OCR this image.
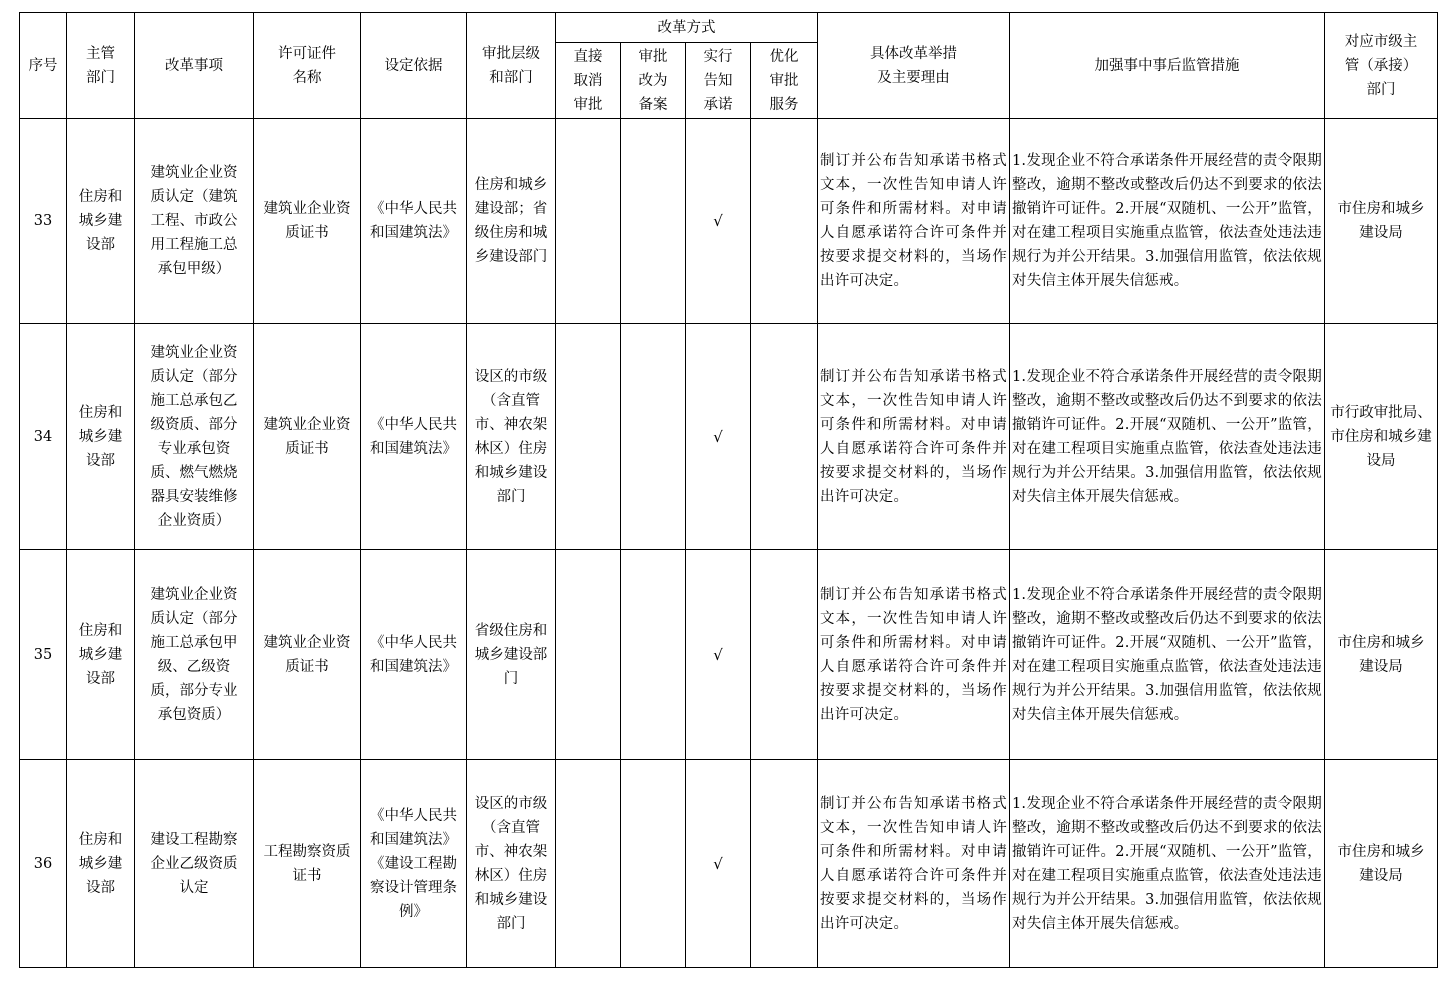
序号	主管部门	改革事项	许可证件名称	设定依据	审批层级和部门	改革方式				具体改革举措及主要理由	加强事中事后监管措施	对应市级主管（承接）部门
						直接取消审批	审批改为备案	实行告知承诺	优化审批服务			
33	住房和城乡建设部	建筑业企业资质认定（建筑工程、市政公用工程施工总承包甲级）	建筑业企业资质证书	《中华人民共和国建筑法》	住房和城乡建设部；省级住房和城乡建设部门			√		制订并公布告知承诺书格式文本，一次性告知申请人许可条件和所需材料。对申请人自愿承诺符合许可条件并按要求提交材料的，当场作出许可决定。	1.发现企业不符合承诺条件开展经营的责令限期整改，逾期不整改或整改后仍达不到要求的依法撤销许可证件。2.开展“双随机、一公开”监管，对在建工程项目实施重点监管，依法查处违法违规行为并公开结果。3.加强信用监管，依法依规对失信主体开展失信惩戒。	市住房和城乡建设局
34	住房和城乡建设部	建筑业企业资质认定（部分施工总承包乙级资质、部分专业承包资质、燃气燃烧器具安装维修企业资质）	建筑业企业资质证书	《中华人民共和国建筑法》	设区的市级（含直管市、神农架林区）住房和城乡建设部门			√		制订并公布告知承诺书格式文本，一次性告知申请人许可条件和所需材料。对申请人自愿承诺符合许可条件并按要求提交材料的，当场作出许可决定。	1.发现企业不符合承诺条件开展经营的责令限期整改，逾期不整改或整改后仍达不到要求的依法撤销许可证件。2.开展“双随机、一公开”监管，对在建工程项目实施重点监管，依法查处违法违规行为并公开结果。3.加强信用监管，依法依规对失信主体开展失信惩戒。	市行政审批局、市住房和城乡建设局
35	住房和城乡建设部	建筑业企业资质认定（部分施工总承包甲级、乙级资质，部分专业承包资质）	建筑业企业资质证书	《中华人民共和国建筑法》	省级住房和城乡建设部门			√		制订并公布告知承诺书格式文本，一次性告知申请人许可条件和所需材料。对申请人自愿承诺符合许可条件并按要求提交材料的，当场作出许可决定。	1.发现企业不符合承诺条件开展经营的责令限期整改，逾期不整改或整改后仍达不到要求的依法撤销许可证件。2.开展“双随机、一公开”监管，对在建工程项目实施重点监管，依法查处违法违规行为并公开结果。3.加强信用监管，依法依规对失信主体开展失信惩戒。	市住房和城乡建设局
36	住房和城乡建设部	建设工程勘察企业乙级资质认定	工程勘察资质证书	《中华人民共和国建筑法》《建设工程勘察设计管理条例》	设区的市级（含直管市、神农架林区）住房和城乡建设部门			√		制订并公布告知承诺书格式文本，一次性告知申请人许可条件和所需材料。对申请人自愿承诺符合许可条件并按要求提交材料的，当场作出许可决定。	1.发现企业不符合承诺条件开展经营的责令限期整改，逾期不整改或整改后仍达不到要求的依法撤销许可证件。2.开展“双随机、一公开”监管，对在建工程项目实施重点监管，依法查处违法违规行为并公开结果。3.加强信用监管，依法依规对失信主体开展失信惩戒。	市住房和城乡建设局
